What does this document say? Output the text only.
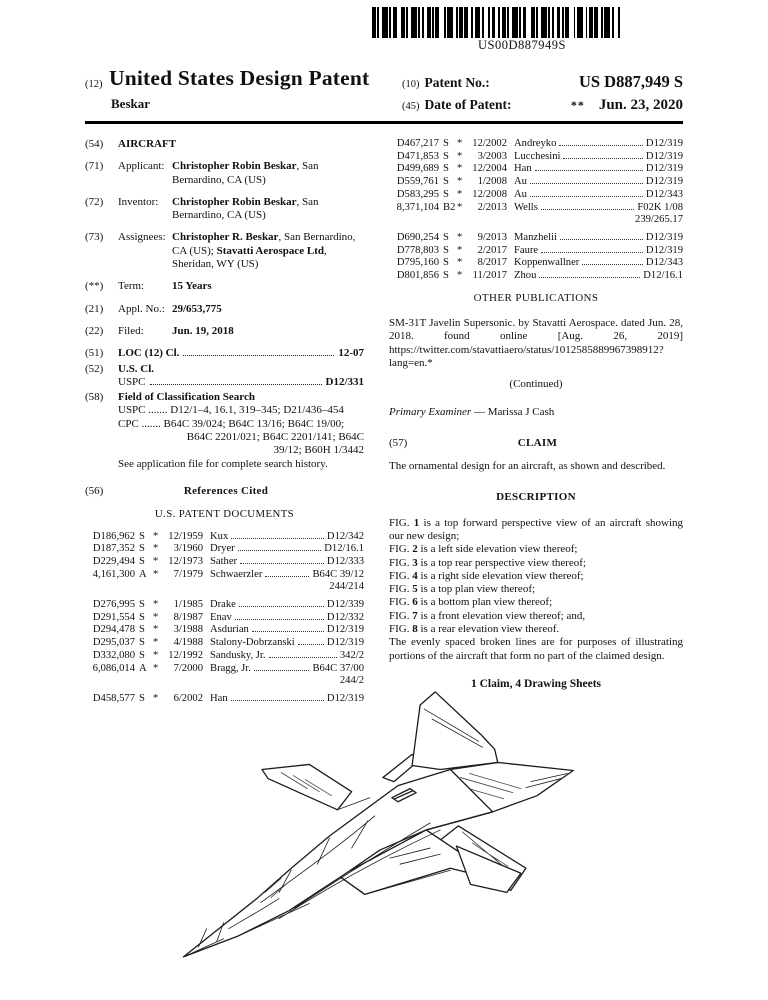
US00D887949S
(12) United States Design Patent
Beskar
(10) Patent No.:	US D887,949 S
(45) Date of Patent:	** Jun. 23, 2020
(54)	AIRCRAFT
(71)	Applicant: Christopher Robin Beskar, San Bernardino, CA (US)
(72)	Inventor:	Christopher Robin Beskar, San Bernardino, CA (US)
(73)	Assignees: Christopher R. Beskar, San Bernardino, CA (US); Stavatti Aerospace Ltd, Sheridan, WY (US)
(**)	Term:	15 Years
(21)	Appl. No.: 29/653,775
(22)	Filed:	Jun. 19, 2018
(51)	LOC (12) Cl.	12-07
(52)	U.S. Cl.
USPC	D12/331
(58)	Field of Classification Search
USPC ....... D12/1–4, 16.1, 319–345; D21/436–454
CPC ....... B64C 39/024; B64C 13/16; B64C 19/00;
B64C 2201/021; B64C 2201/141; B64C
39/12; B60H 1/3442
See application file for complete search history.
(56)	References Cited
U.S. PATENT DOCUMENTS
D186,962 S * 12/1959 Kux	D12/342
D187,352 S *	3/1960 Dryer	D12/16.1
D229,494 S * 12/1973 Sather	D12/333
4,161,300 A *	7/1979 Schwaerzler	B64C 39/12
244/214
D276,995 S *	1/1985 Drake	D12/339
D291,554 S *	8/1987 Enav	D12/332
D294,478 S *	3/1988 Asdurian	D12/319
D295,037 S *	4/1988 Stalony-Dobrzanski	D12/319
D332,080 S * 12/1992 Sandusky, Jr.	342/2
6,086,014 A *	7/2000 Bragg, Jr.	B64C 37/00
244/2
D458,577 S *	6/2002 Han	D12/319
D467,217 S * 12/2002 Andreyko	D12/319
D471,853 S *	3/2003 Lucchesini	D12/319
D499,689 S * 12/2004 Han	D12/319
D559,761 S *	1/2008 Au	D12/319
D583,295 S * 12/2008 Au	D12/343
8,371,104 B2 *	2/2013 Wells	F02K 1/08
239/265.17
D690,254 S *	9/2013 Manzhelii	D12/319
D778,803 S *	2/2017 Faure	D12/319
D795,160 S *	8/2017 Koppenwallner	D12/343
D801,856 S * 11/2017 Zhou	D12/16.1
OTHER PUBLICATIONS
SM-31T Javelin Supersonic. by Stavatti Aerospace. dated Jun. 28, 2018. found online [Aug. 26, 2019] https://twitter.com/stavattiaero/status/1012585889967398912?lang=en.*
(Continued)
Primary Examiner — Marissa J Cash
(57)	CLAIM
The ornamental design for an aircraft, as shown and described.
DESCRIPTION
FIG. 1 is a top forward perspective view of an aircraft showing our new design;
FIG. 2 is a left side elevation view thereof;
FIG. 3 is a top rear perspective view thereof;
FIG. 4 is a right side elevation view thereof;
FIG. 5 is a top plan view thereof;
FIG. 6 is a bottom plan view thereof;
FIG. 7 is a front elevation view thereof; and,
FIG. 8 is a rear elevation view thereof.
The evenly spaced broken lines are for purposes of illustrating portions of the aircraft that form no part of the claimed design.
1 Claim, 4 Drawing Sheets
